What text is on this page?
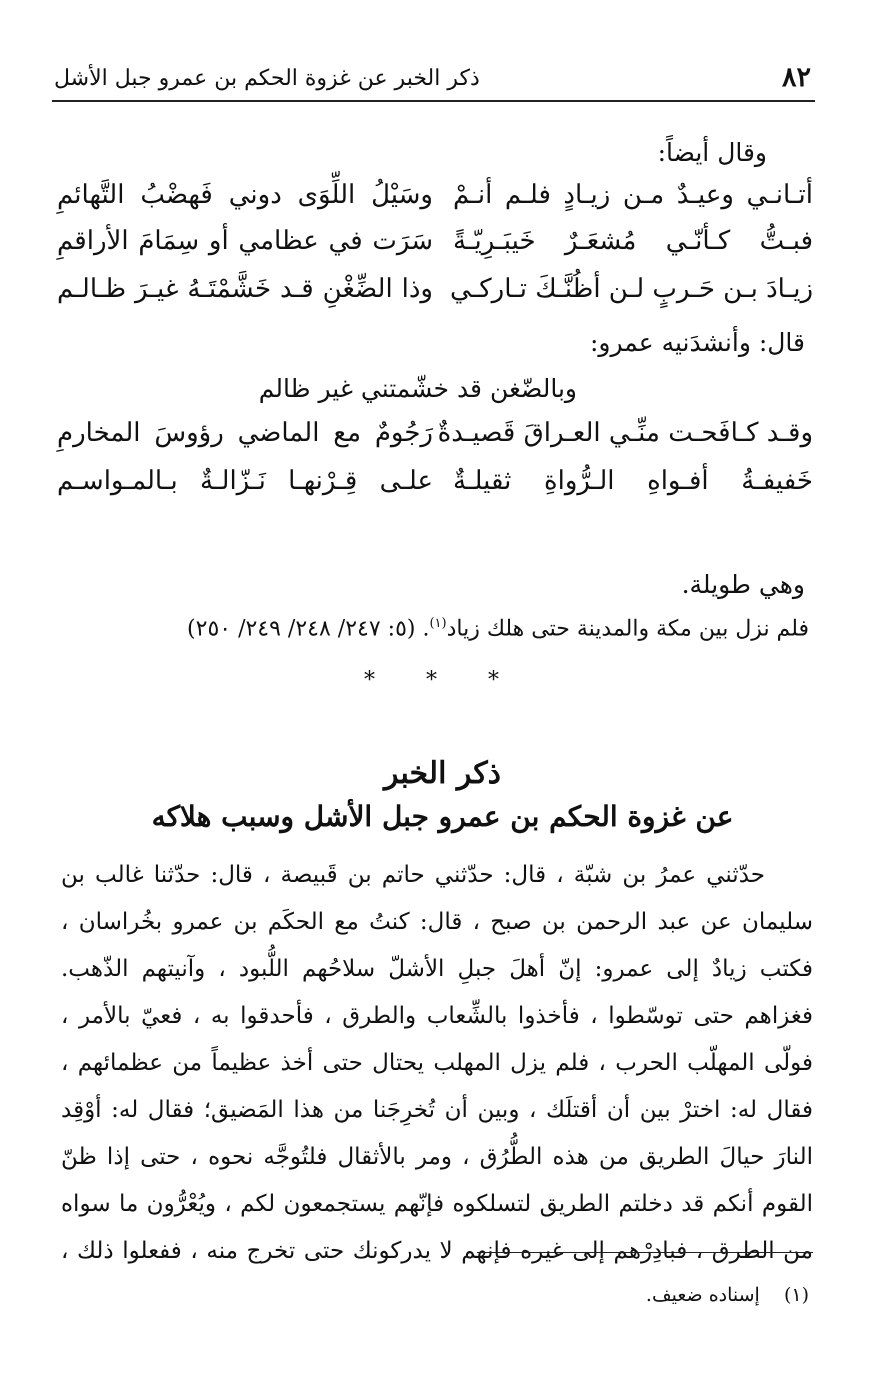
٨٢
ذكر الخبر عن غزوة الحكم بن عمرو جبل الأشل
وقال أيضاً:
أتـانـي وعيـدٌ مـن زيـادٍ فلـم أنـمْ
وسَيْلُ اللِّوَى دوني فَهضْبُ التَّهائمِ
فبـتُّ كـأنّـي مُشعَـرٌ خَيبَـرِيّـةً
سَرَت في عظامي أو سِمَامَ الأراقمِ
زيـادَ بـن حَـربٍ لـن أظُنَّـكَ تـاركـي
وذا الضِّغْنِ قـد خَشَّمْتَـهُ غيـرَ ظـالـم
قال: وأنشدَنيه عمرو:
وبالضّغن قد خشّمتني غير ظالم
وقـد كـافَحـت منِّـي العـراقَ قَصيـدةٌ
رَجُومٌ مع الماضي رؤوسَ المخارمِ
خَفيفـةُ أفـواهِ الـرُّواةِ ثقيلـةٌ
علـى قِـرْنهـا نَـزّالـةٌ بـالمـواسـم
وهي طويلة.
فلم نزل بين مكة والمدينة حتى هلك زياد$^{(١)}$. (٥: ٢٤٧/ ٢٤٨/ ٢٤٩/ ٢٥٠)
* * *
ذكر الخبر
عن غزوة الحكم بن عمرو جبل الأشل وسبب هلاكه
حدّثني عمرُ بن شبّة ، قال: حدّثني حاتم بن قَبيصة ، قال: حدّثنا غالب بن
سليمان عن عبد الرحمن بن صبح ، قال: كنتُ مع الحكَم بن عمرو بخُراسان ،
فكتب زيادٌ إلى عمرو: إنّ أهلَ جبلِ الأشلّ سلاحُهم اللُّبود ، وآنيتهم الذّهب.
فغزاهم حتى توسّطوا ، فأخذوا بالشِّعاب والطرق ، فأحدقوا به ، فعيّ بالأمر ،
فولّى المهلّب الحرب ، فلم يزل المهلب يحتال حتى أخذ عظيماً من عظمائهم ،
فقال له: اخترْ بين أن أقتلَك ، وبين أن تُخرِجَنا من هذا المَضيق؛ فقال له: أوْقِد
النارَ حيالَ الطريق من هذه الطُّرُق ، ومر بالأثقال فلتُوجَّه نحوه ، حتى إذا ظنّ
القوم أنكم قد دخلتم الطريق لتسلكوه فإنّهم يستجمعون لكم ، ويُعْرُّون ما سواه
من الطرق ، فبادِرْهم إلى غيره فإنهم لا يدركونك حتى تخرج منه ، ففعلوا ذلك ،
(١)  إسناده ضعيف.
